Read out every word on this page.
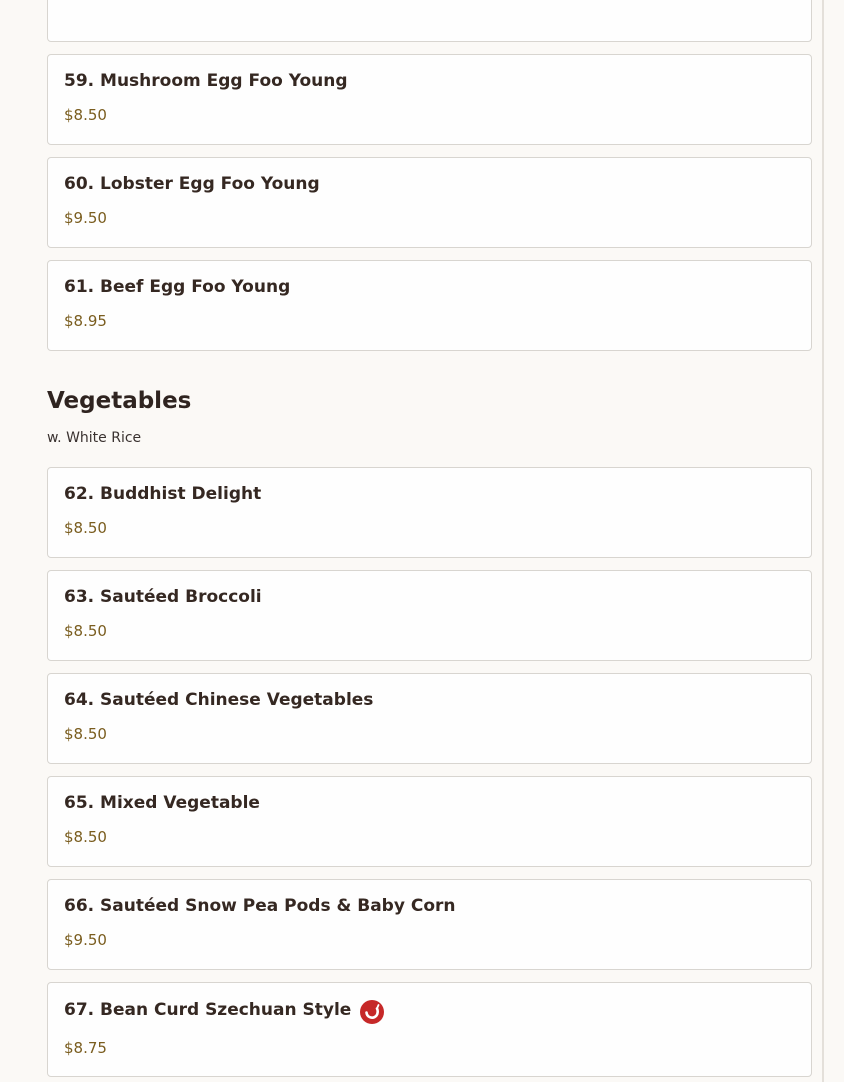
59. Mushroom Egg Foo Young
$8.50
60. Lobster Egg Foo Young
$9.50
61. Beef Egg Foo Young
$8.95
Vegetables
w. White Rice
62. Buddhist Delight
$8.50
63. Sautéed Broccoli
$8.50
64. Sautéed Chinese Vegetables
$8.50
65. Mixed Vegetable
$8.50
66. Sautéed Snow Pea Pods & Baby Corn
$9.50
67. Bean Curd Szechuan Style
$8.75
